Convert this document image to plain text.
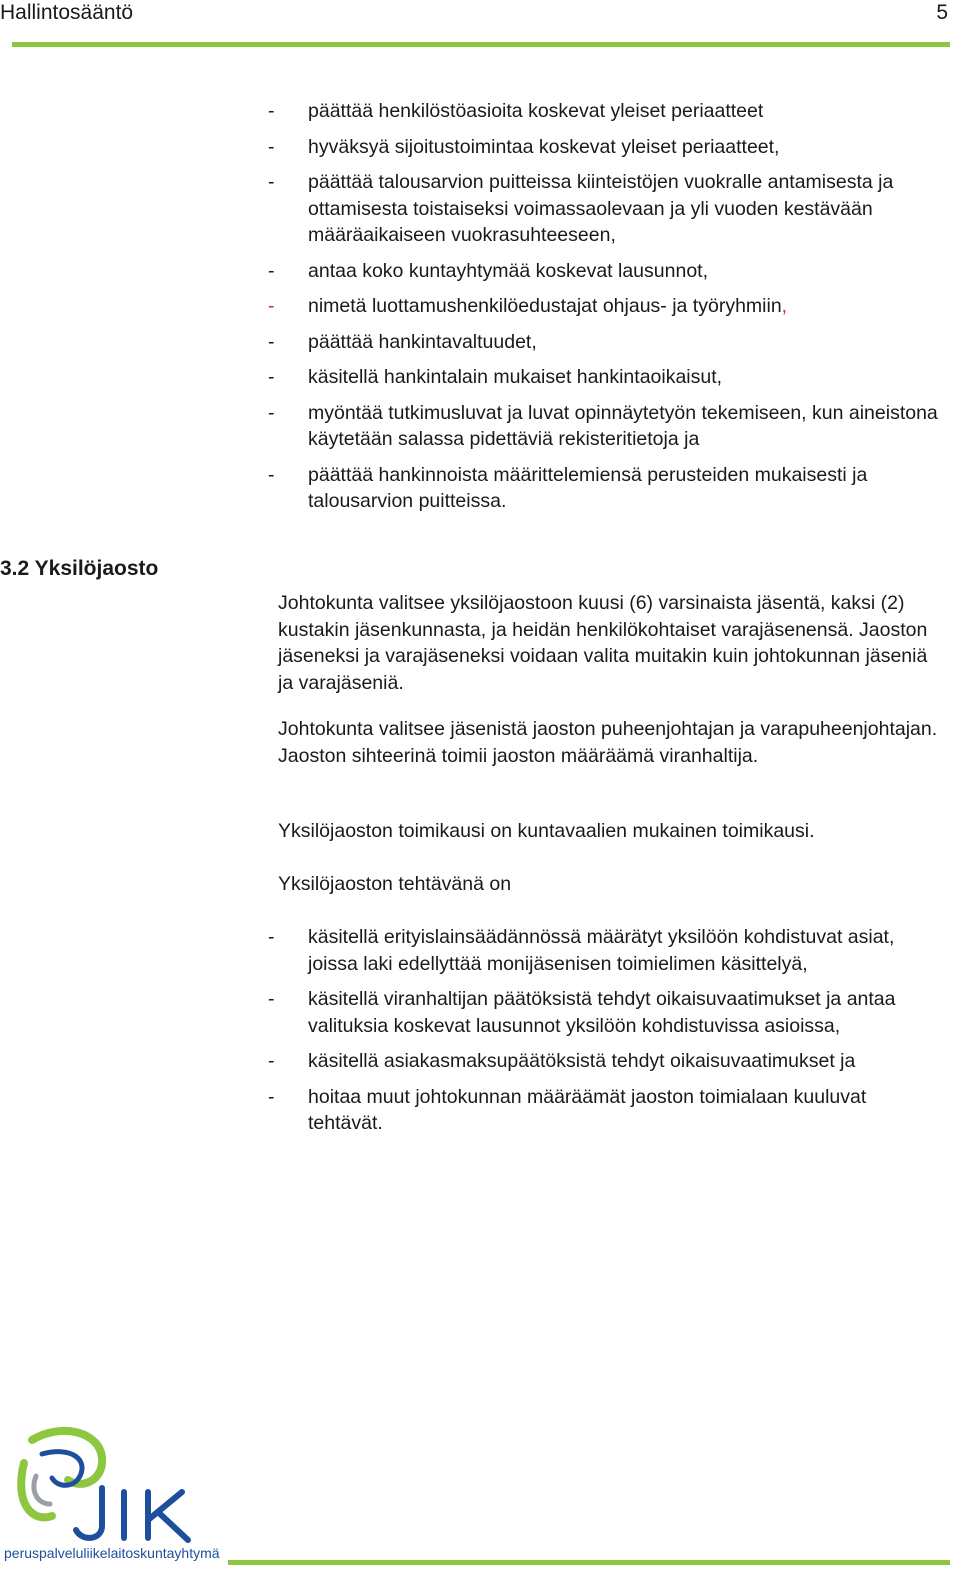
Hallintosääntö	5
- päättää henkilöstöasioita koskevat yleiset periaatteet
- hyväksyä sijoitustoimintaa koskevat yleiset periaatteet,
- päättää talousarvion puitteissa kiinteistöjen vuokralle antamisesta ja ottamisesta toistaiseksi voimassaolevaan ja yli vuoden kestävään määräaikaiseen vuokrasuhteeseen,
- antaa koko kuntayhtymää koskevat lausunnot,
- nimetä luottamushenkilöedustajat ohjaus- ja työryhmiin,
- päättää hankintavaltuudet,
- käsitellä hankintalain mukaiset hankintaoikaisut,
- myöntää tutkimusluvat ja luvat opinnäytetyön tekemiseen, kun aineistona käytetään salassa pidettäviä rekisteritietoja ja
- päättää hankinnoista määrittelemiensä perusteiden mukaisesti ja talousarvion puitteissa.
3.2 Yksilöjaosto

Johtokunta valitsee yksilöjaostoon kuusi (6) varsinaista jäsentä, kaksi (2) kustakin jäsenkunnasta, ja heidän henkilökohtaiset varajäsenensä. Jaoston jäseneksi ja varajäseneksi voidaan valita muitakin kuin johtokunnan jäseniä ja varajäseniä.

Johtokunta valitsee jäsenistä jaoston puheenjohtajan ja varapuheenjohtajan. Jaoston sihteerinä toimii jaoston määräämä viranhaltija.

Yksilöjaoston toimikausi on kuntavaalien mukainen toimikausi.

Yksilöjaoston tehtävänä on

- käsitellä erityislainsäädännössä määrätyt yksilöön kohdistuvat asiat, joissa laki edellyttää monijäsenisen toimielimen käsittelyä,
- käsitellä viranhaltijan päätöksistä tehdyt oikaisuvaatimukset ja antaa valituksia koskevat lausunnot yksilöön kohdistuvissa asioissa,
- käsitellä asiakasmaksupäätöksistä tehdyt oikaisuvaatimukset ja
- hoitaa muut johtokunnan määräämät jaoston toimialaan kuuluvat tehtävät.
peruspalveluliikelaitoskuntayhtymä
